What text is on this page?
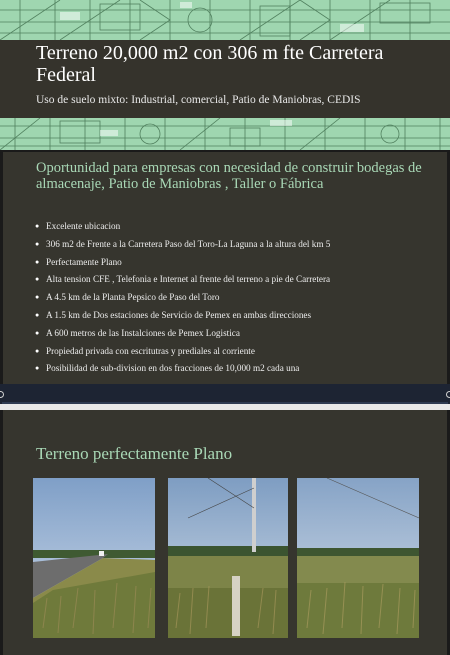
Terreno 20,000 m2 con 306 m fte Carretera Federal

Uso de suelo mixto: Industrial, comercial, Patio de Maniobras, CEDIS

Oportunidad para empresas con necesidad de construir bodegas de almacenaje, Patio de Maniobras , Taller o Fábrica

● Excelente ubicacion
● 306 m2 de Frente a la Carretera Paso del Toro-La Laguna a la altura del km 5
● Perfectamente Plano
● Alta tension CFE , Telefonia e Internet al frente del terreno a pie de Carretera
● A 4.5 km de la Planta Pepsico de Paso del Toro
● A 1.5 km de Dos estaciones de Servicio de Pemex en ambas direcciones
● A 600 metros de las Instalciones de Pemex Logistica
● Propiedad privada con escritutras y prediales al corriente
● Posibilidad de sub-division en dos fracciones de 10,000 m2 cada una
Terreno perfectamente Plano
